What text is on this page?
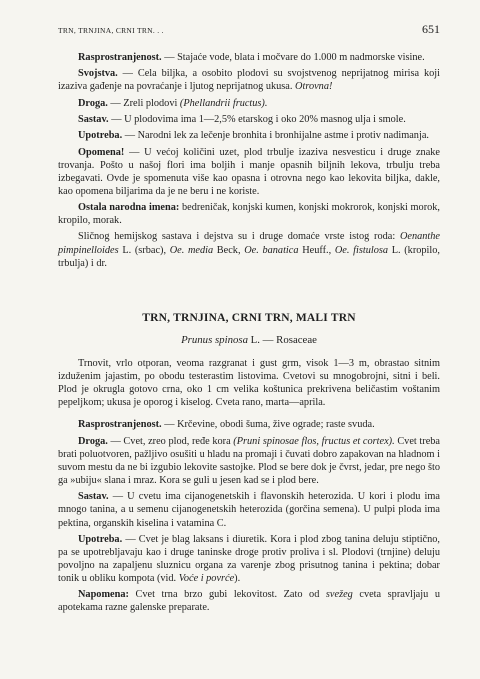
TRN, TRNJINA, CRNI TRN. . .	651

Rasprostranjenost. — Stajaće vode, blata i močvare do 1.000 m nadmorske visine.

Svojstva. — Cela biljka, a osobito plodovi su svojstvenog neprijatnog mirisa koji izaziva gađenje na povraćanje i ljutog neprijatnog ukusa. Otrovna!

Droga. — Zreli plodovi (Phellandrii fructus).

Sastav. — U plodovima ima 1—2,5% etarskog i oko 20% masnog ulja i smole.

Upotreba. — Narodni lek za lečenje bronhita i bronhijalne astme i protiv nadimanja.

Opomena! — U većoj količini uzet, plod trbulje izaziva nesvesticu i druge znake trovanja. Pošto u našoj flori ima boljih i manje opasnih biljnih lekova, trbulju treba izbegavati. Ovde je spomenuta više kao opasna i otrovna nego kao lekovita biljka, dakle, kao opomena biljarima da je ne beru i ne koriste.

Ostala narodna imena: bedreničak, konjski kumen, konjski mokrorok, konjski morok, kropilo, morak.

Sličnog hemijskog sastava i dejstva su i druge domaće vrste istog roda: Oenanthe pimpinelloides L. (srbac), Oe. media Beck, Oe. banatica Heuff., Oe. fistulosa L. (kropilo, trbulja) i dr.

TRN, TRNJINA, CRNI TRN, MALI TRN

Prunus spinosa L. — Rosaceae

Trnovit, vrlo otporan, veoma razgranat i gust grm, visok 1—3 m, obrastao sitnim izduženim jajastim, po obodu testerastim listovima. Cvetovi su mnogobrojni, sitni i beli. Plod je okrugla gotovo crna, oko 1 cm velika koštunica prekrivena beličastim voštanim pepeljkom; ukusa je oporog i kiselog. Cveta rano, marta—aprila.

Rasprostranjenost. — Krčevine, obodi šuma, žive ograde; raste svuda.

Droga. — Cvet, zreo plod, ređe kora (Pruni spinosae flos, fructus et cortex). Cvet treba brati poluotvoren, pažljivo osušiti u hladu na promaji i čuvati dobro zapakovan na hladnom i suvom mestu da ne bi izgubio lekovite sastojke. Plod se bere dok je čvrst, jedar, pre nego što ga »ubiju« slana i mraz. Kora se guli u jesen kad se i plod bere.

Sastav. — U cvetu ima cijanogenetskih i flavonskih heterozida. U kori i plodu ima mnogo tanina, a u semenu cijanogenetskih heterozida (gorčina semena). U pulpi ploda ima pektina, organskih kiselina i vatamina C.

Upotreba. — Cvet je blag laksans i diuretik. Kora i plod zbog tanina deluju stiptično, pa se upotrebljavaju kao i druge taninske droge protiv proliva i sl. Plodovi (trnjine) deluju povoljno na zapaljenu sluznicu organa za varenje zbog prisutnog tanina i pektina; dobar tonik u obliku kompota (vid. Voće i povrće).

Napomena: Cvet trna brzo gubi lekovitost. Zato od svežeg cveta spravljaju u apotekama razne galenske preparate.
